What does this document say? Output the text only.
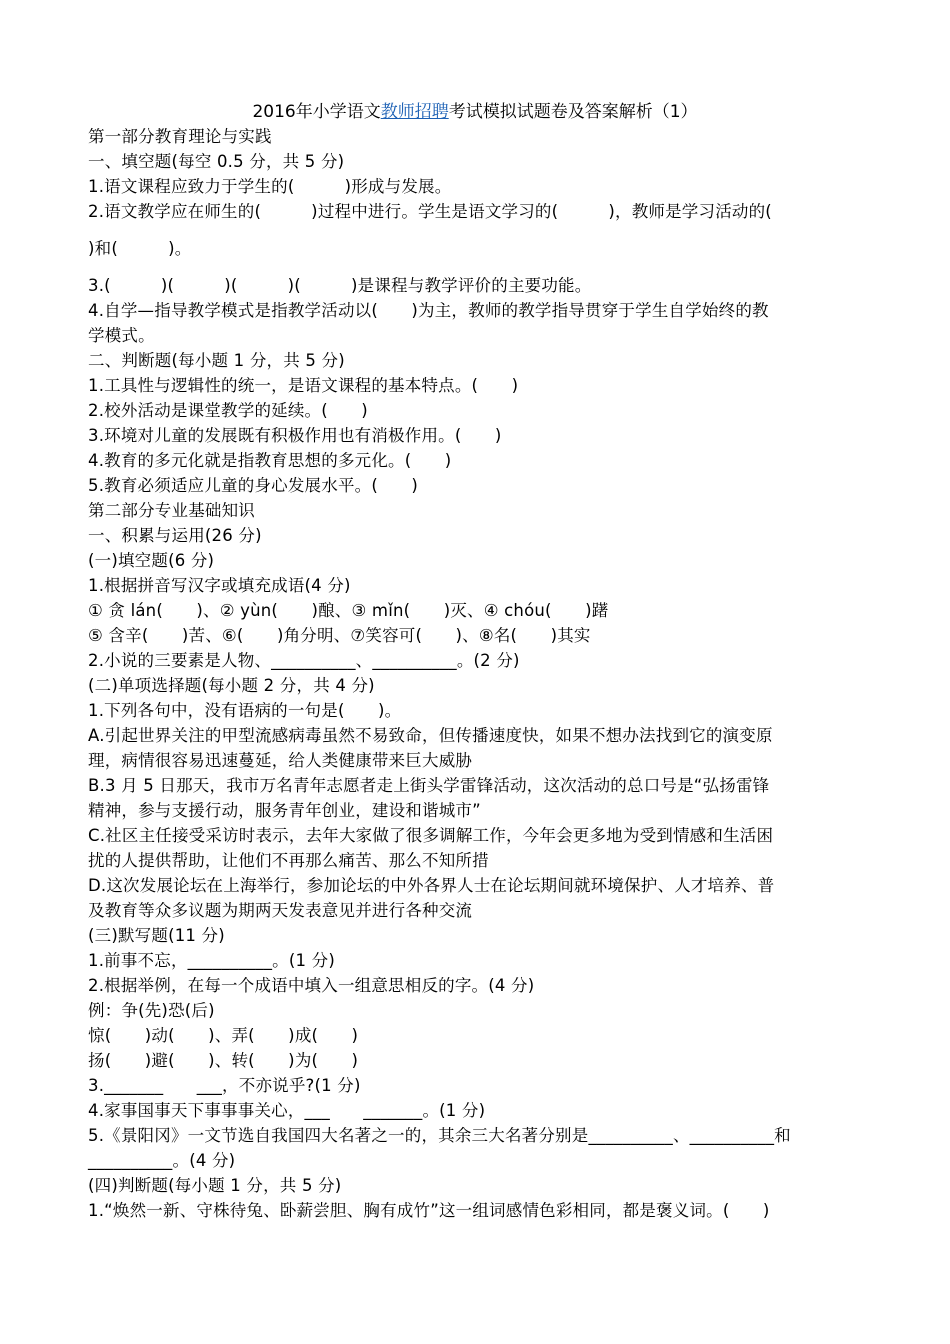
2016年小学语文教师招聘考试模拟试题卷及答案解析（1）
第一部分教育理论与实践
一、填空题(每空 0.5 分，共 5 分)
1.语文课程应致力于学生的(　　　)形成与发展。
2.语文教学应在师生的(　　　)过程中进行。学生是语文学习的(　　　)，教师是学习活动的(
)和(　　　)。
3.(　　　)(　　　)(　　　)(　　　)是课程与教学评价的主要功能。
4.自学—指导教学模式是指教学活动以(　　)为主，教师的教学指导贯穿于学生自学始终的教
学模式。
二、判断题(每小题 1 分，共 5 分)
1.工具性与逻辑性的统一，是语文课程的基本特点。(　　)
2.校外活动是课堂教学的延续。(　　)
3.环境对儿童的发展既有积极作用也有消极作用。(　　)
4.教育的多元化就是指教育思想的多元化。(　　)
5.教育必须适应儿童的身心发展水平。(　　)
第二部分专业基础知识
一、积累与运用(26 分)
(一)填空题(6 分)
1.根据拼音写汉字或填充成语(4 分)
① 贪 lán(　　)、② yùn(　　)酿、③ mǐn(　　)灭、④ chóu(　　)躇
⑤ 含辛(　　)苦、⑥(　　)角分明、⑦笑容可(　　)、⑧名(　　)其实
2.小说的三要素是人物、__________、__________。(2 分)
(二)单项选择题(每小题 2 分，共 4 分)
1.下列各句中，没有语病的一句是(　　)。
A.引起世界关注的甲型流感病毒虽然不易致命，但传播速度快，如果不想办法找到它的演变原
理，病情很容易迅速蔓延，给人类健康带来巨大威胁
B.3 月 5 日那天，我市万名青年志愿者走上街头学雷锋活动，这次活动的总口号是“弘扬雷锋
精神，参与支援行动，服务青年创业，建设和谐城市”
C.社区主任接受采访时表示，去年大家做了很多调解工作，今年会更多地为受到情感和生活困
扰的人提供帮助，让他们不再那么痛苦、那么不知所措
D.这次发展论坛在上海举行，参加论坛的中外各界人士在论坛期间就环境保护、人才培养、普
及教育等众多议题为期两天发表意见并进行各种交流
(三)默写题(11 分)
1.前事不忘，__________。(1 分)
2.根据举例，在每一个成语中填入一组意思相反的字。(4 分)
例：争(先)恐(后)
惊(　　)动(　　)、弄(　　)成(　　)
扬(　　)避(　　)、转(　　)为(　　)
3._______　　___，不亦说乎?(1 分)
4.家事国事天下事事事关心，___　　_______。(1 分)
5.《景阳冈》一文节选自我国四大名著之一的，其余三大名著分别是__________、__________和
__________。(4 分)
(四)判断题(每小题 1 分，共 5 分)
1.“焕然一新、守株待兔、卧薪尝胆、胸有成竹”这一组词感情色彩相同，都是褒义词。(　　)
